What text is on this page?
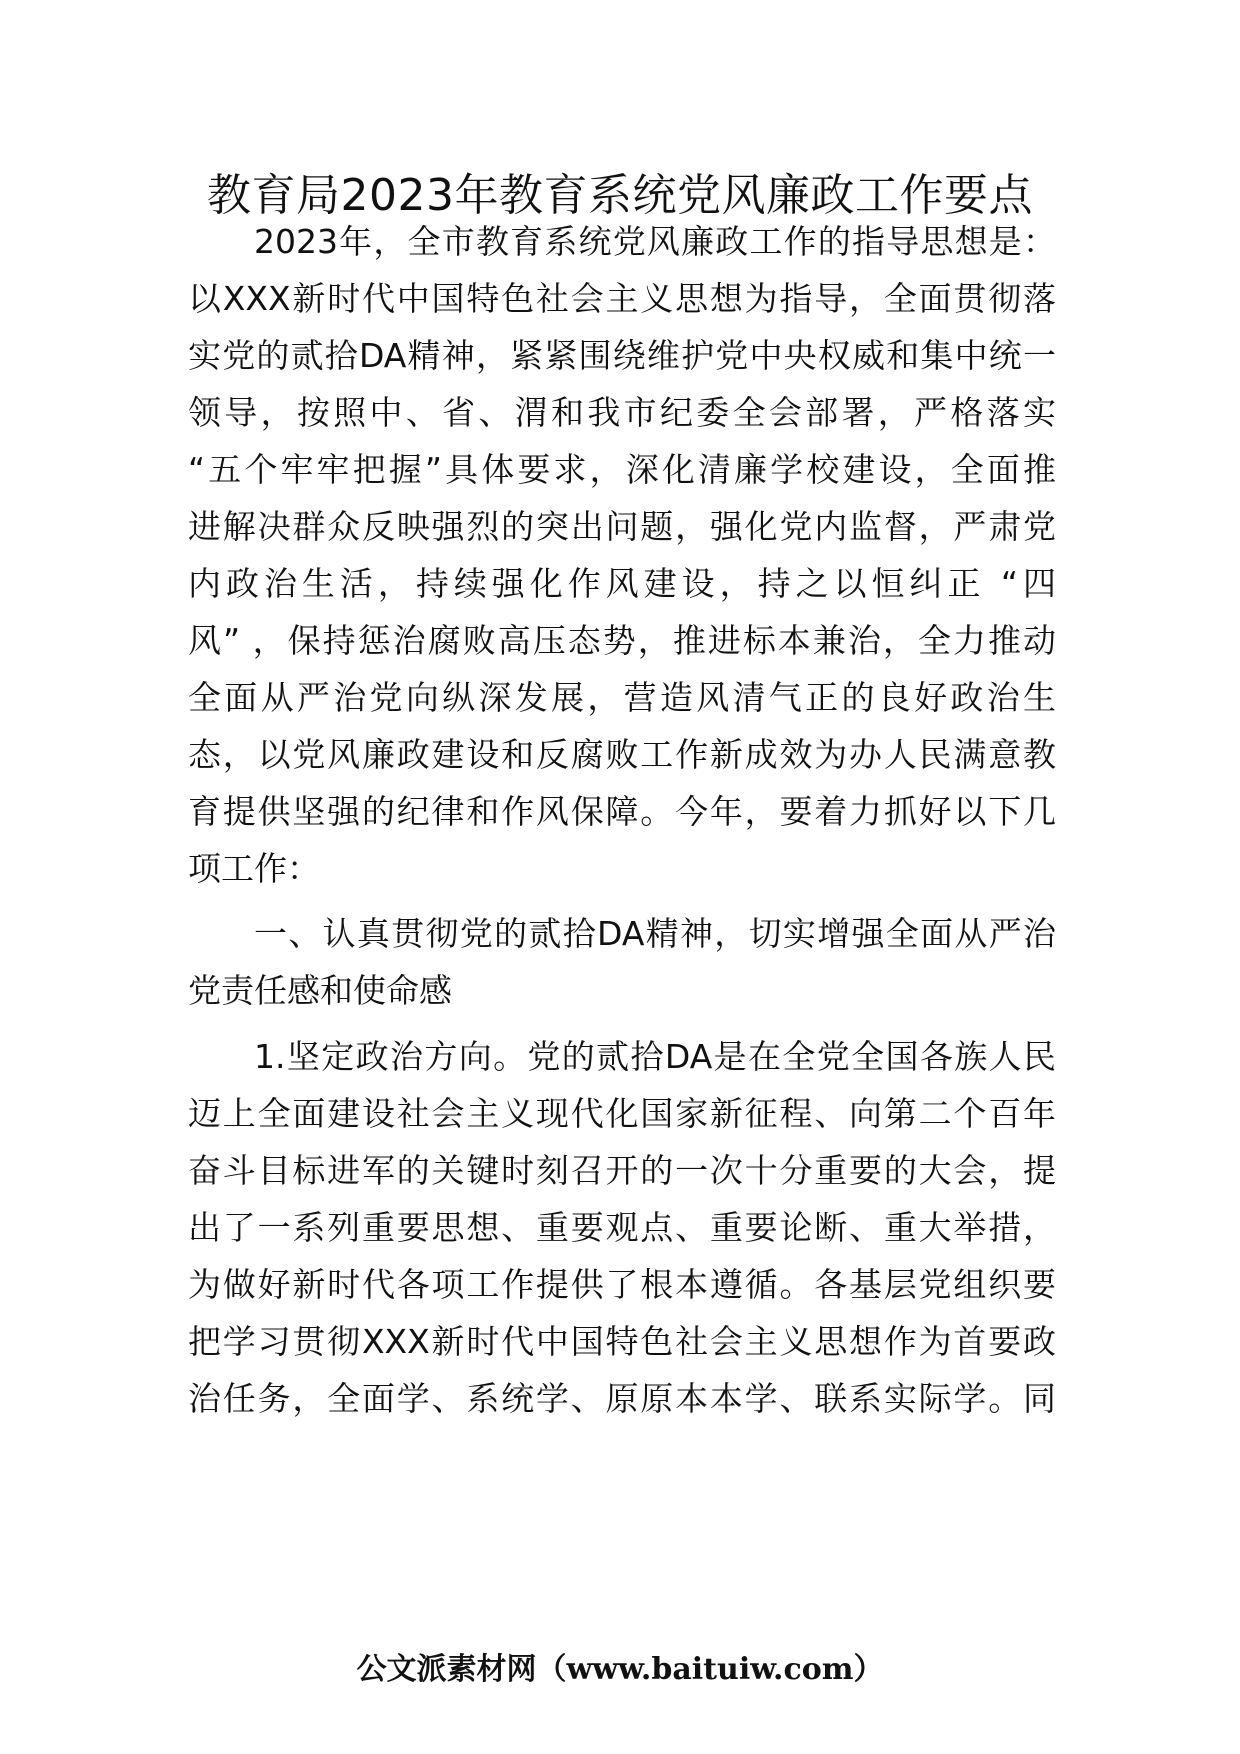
教育局2023年教育系统党风廉政工作要点
2023年，全市教育系统党风廉政工作的指导思想是：
以XXX新时代中国特色社会主义思想为指导，全面贯彻落
实党的贰拾DA精神，紧紧围绕维护党中央权威和集中统一
领导，按照中、省、渭和我市纪委全会部署，严格落实
“五个牢牢把握”具体要求，深化清廉学校建设，全面推
进解决群众反映强烈的突出问题，强化党内监督，严肃党
内政治生活，持续强化作风建设，持之以恒纠正 “四
风” ，保持惩治腐败高压态势，推进标本兼治，全力推动
全面从严治党向纵深发展，营造风清气正的良好政治生
态，以党风廉政建设和反腐败工作新成效为办人民满意教
育提供坚强的纪律和作风保障。今年，要着力抓好以下几
项工作：
一、认真贯彻党的贰拾DA精神，切实增强全面从严治
党责任感和使命感
1.坚定政治方向。党的贰拾DA是在全党全国各族人民
迈上全面建设社会主义现代化国家新征程、向第二个百年
奋斗目标进军的关键时刻召开的一次十分重要的大会，提
出了一系列重要思想、重要观点、重要论断、重大举措，
为做好新时代各项工作提供了根本遵循。各基层党组织要
把学习贯彻XXX新时代中国特色社会主义思想作为首要政
治任务，全面学、系统学、原原本本学、联系实际学。同
公文派素材网（www.baituiw.com）
